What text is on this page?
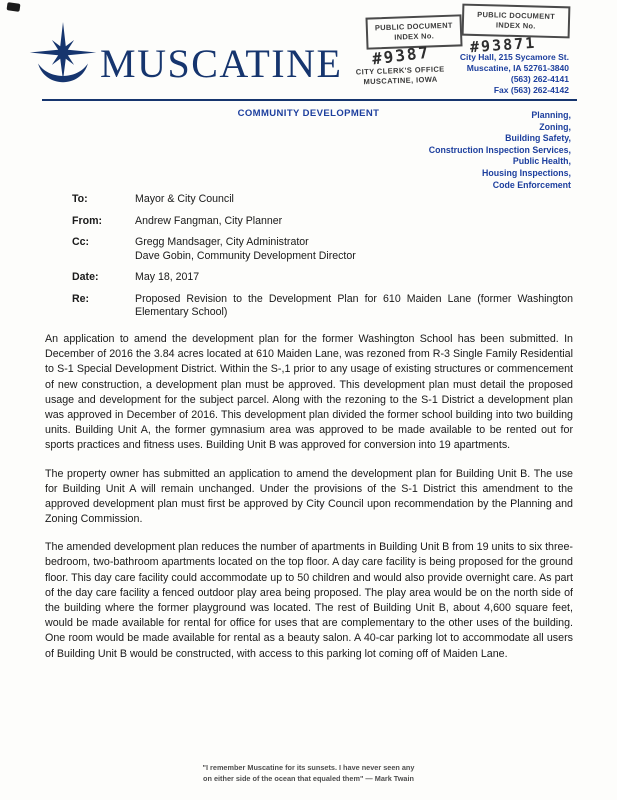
MUSCATINE
PUBLIC DOCUMENT
INDEX No.
#9387
PUBLIC DOCUMENT
INDEX No.
#93871
CITY CLERK'S OFFICE
MUSCATINE, IOWA
City Hall, 215 Sycamore St.
Muscatine, IA 52761-3840
(563) 262-4141
Fax (563) 262-4142
COMMUNITY DEVELOPMENT	Planning,
Zoning,
Building Safety,
Construction Inspection Services,
Public Health,
Housing Inspections,
Code Enforcement
To:	Mayor & City Council
From:	Andrew Fangman, City Planner
Cc:	Gregg Mandsager, City Administrator
Dave Gobin, Community Development Director
Date:	May 18, 2017
Re:	Proposed Revision to the Development Plan for 610 Maiden Lane (former Washington Elementary School)

An application to amend the development plan for the former Washington School has been submitted. In December of 2016 the 3.84 acres located at 610 Maiden Lane, was rezoned from R-3 Single Family Residential to S-1 Special Development District. Within the S-,1 prior to any usage of existing structures or commencement of new construction, a development plan must be approved. This development plan must detail the proposed usage and development for the subject parcel. Along with the rezoning to the S-1 District a development plan was approved in December of 2016. This development plan divided the former school building into two building units. Building Unit A, the former gymnasium area was approved to be made available to be rented out for sports practices and fitness uses. Building Unit B was approved for conversion into 19 apartments.

The property owner has submitted an application to amend the development plan for Building Unit B. The use for Building Unit A will remain unchanged. Under the provisions of the S-1 District this amendment to the approved development plan must first be approved by City Council upon recommendation by the Planning and Zoning Commission.

The amended development plan reduces the number of apartments in Building Unit B from 19 units to six three-bedroom, two-bathroom apartments located on the top floor. A day care facility is being proposed for the ground floor. This day care facility could accommodate up to 50 children and would also provide overnight care. As part of the day care facility a fenced outdoor play area being proposed. The play area would be on the north side of the building where the former playground was located. The rest of Building Unit B, about 4,600 square feet, would be made available for rental for office for uses that are complementary to the other uses of the building. One room would be made available for rental as a beauty salon. A 40-car parking lot to accommodate all users of Building Unit B would be constructed, with access to this parking lot coming off of Maiden Lane.

"I remember Muscatine for its sunsets. I have never seen any
on either side of the ocean that equaled them" — Mark Twain
